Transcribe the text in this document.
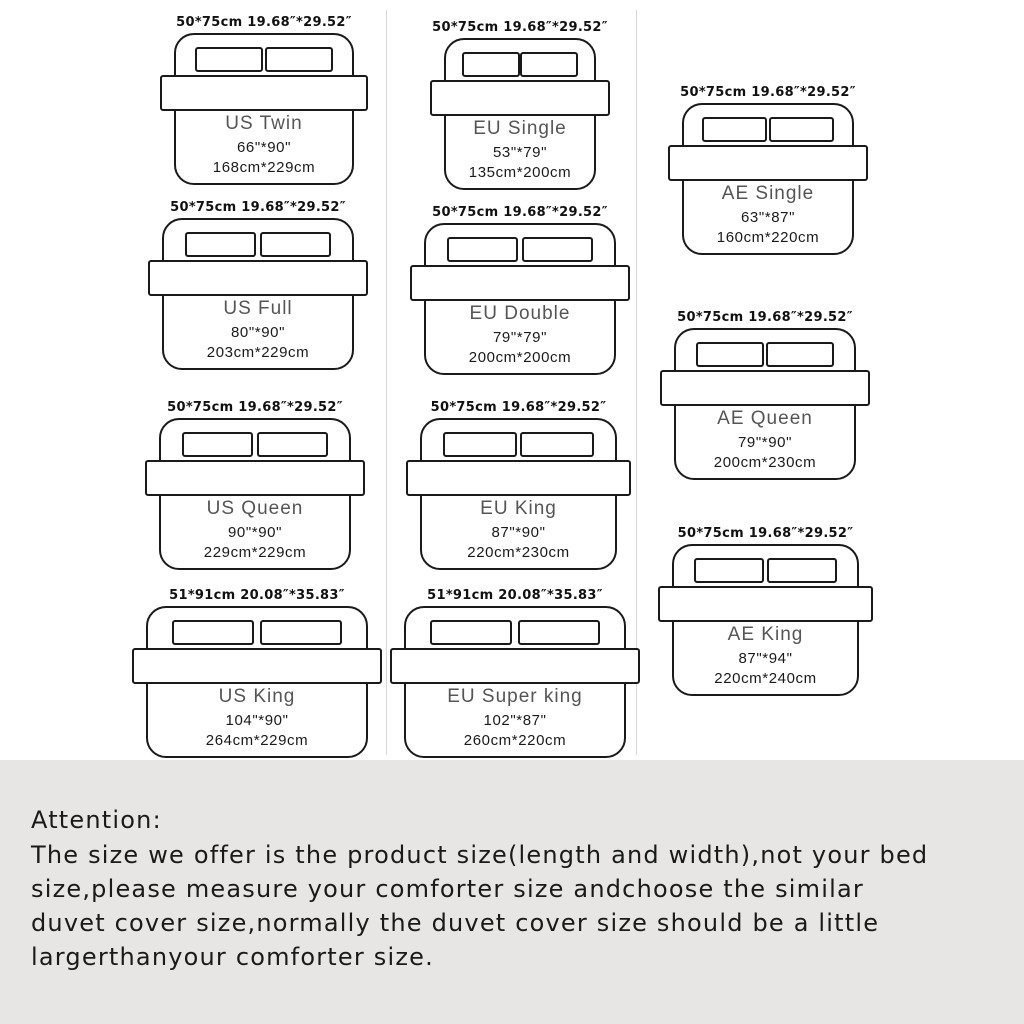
50*75cm 19.68″*29.52″
US Twin
66"*90"
168cm*229cm
50*75cm 19.68″*29.52″
US Full
80"*90"
203cm*229cm
50*75cm 19.68″*29.52″
US Queen
90"*90"
229cm*229cm
51*91cm 20.08″*35.83″
US King
104"*90"
264cm*229cm
50*75cm 19.68″*29.52″
EU Single
53"*79"
135cm*200cm
50*75cm 19.68″*29.52″
EU Double
79"*79"
200cm*200cm
50*75cm 19.68″*29.52″
EU King
87"*90"
220cm*230cm
51*91cm 20.08″*35.83″
EU Super king
102"*87"
260cm*220cm
50*75cm 19.68″*29.52″
AE Single
63"*87"
160cm*220cm
50*75cm 19.68″*29.52″
AE Queen
79"*90"
200cm*230cm
50*75cm 19.68″*29.52″
AE King
87"*94"
220cm*240cm
Attention:
The size we offer is the product size(length and width),not your bed
size,please measure your comforter size andchoose the similar
duvet cover size,normally the duvet cover size should be a little
largerthanyour comforter size.
